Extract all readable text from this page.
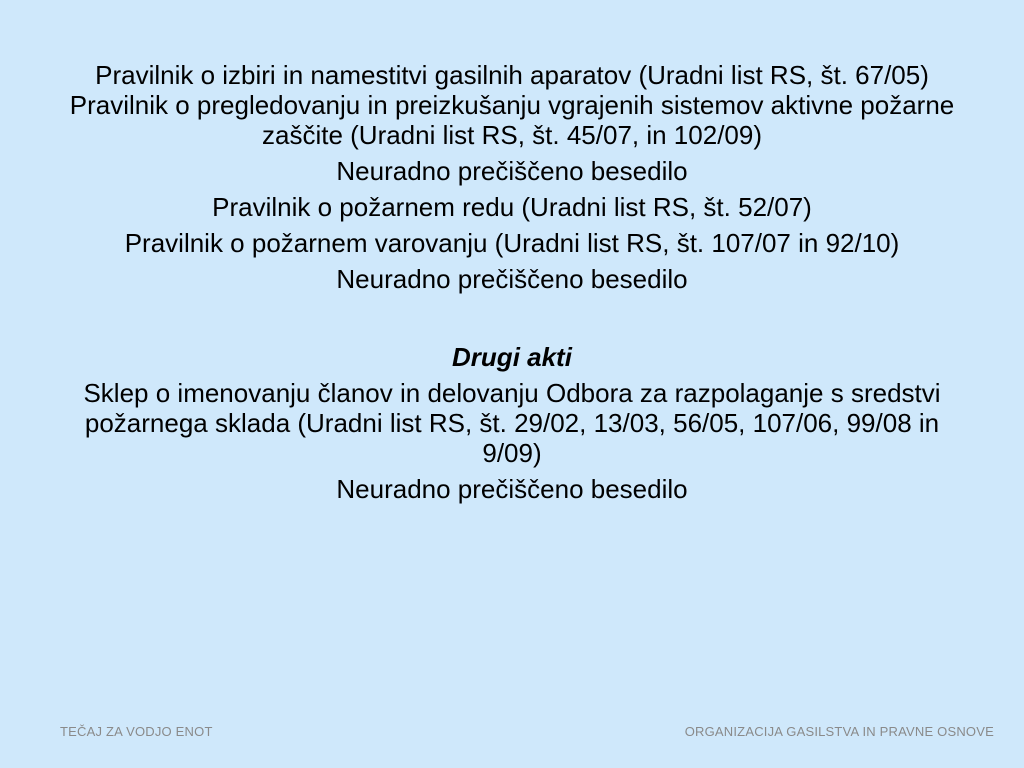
Pravilnik o izbiri in namestitvi gasilnih aparatov (Uradni list RS, št. 67/05)

Pravilnik o pregledovanju in preizkušanju vgrajenih sistemov aktivne požarne zaščite (Uradni list RS, št. 45/07, in 102/09)

Neuradno prečiščeno besedilo

Pravilnik o požarnem redu (Uradni list RS, št. 52/07)

Pravilnik o požarnem varovanju (Uradni list RS, št. 107/07 in 92/10)

Neuradno prečiščeno besedilo

Drugi akti

Sklep o imenovanju članov in delovanju Odbora za razpolaganje s sredstvi požarnega sklada (Uradni list RS, št. 29/02, 13/03, 56/05, 107/06, 99/08 in 9/09)

Neuradno prečiščeno besedilo

TEČAJ ZA VODJO ENOT	ORGANIZACIJA GASILSTVA IN PRAVNE OSNOVE
